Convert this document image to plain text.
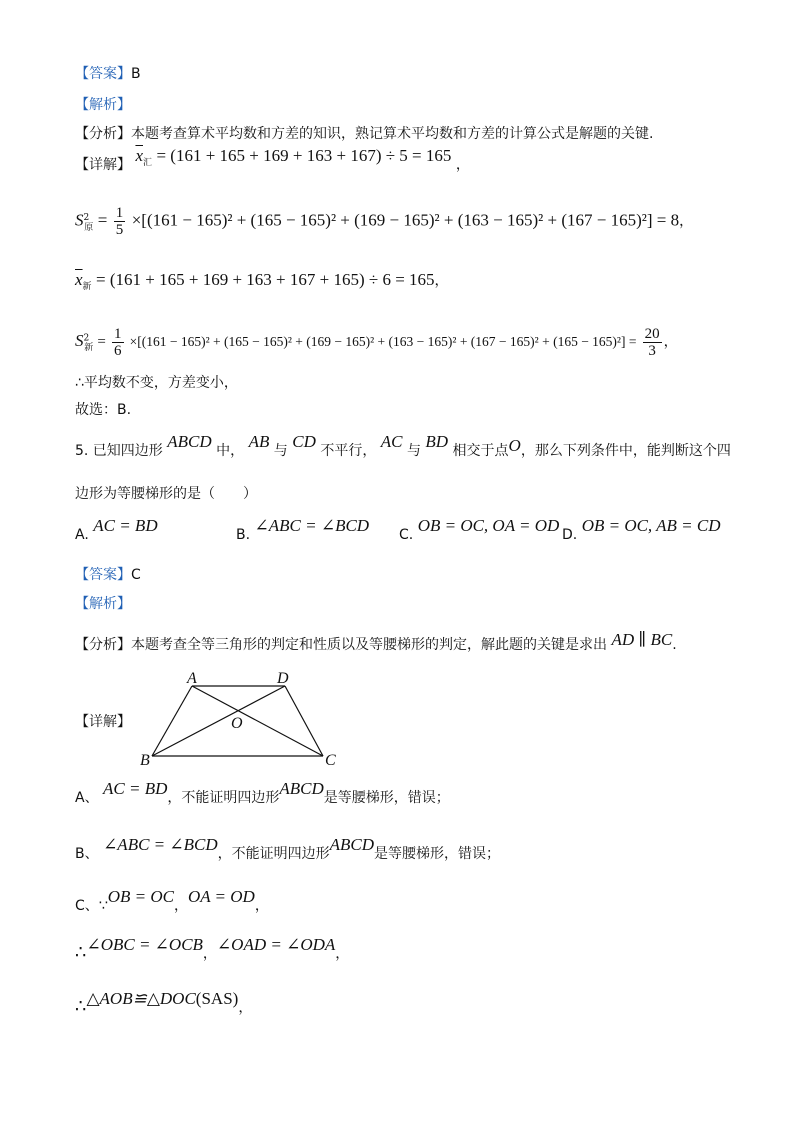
【答案】B
【解析】
【分析】本题考查算术平均数和方差的知识，熟记算术平均数和方差的计算公式是解题的关键.
【详解】 $\overline{x}_汇 = (161 + 165 + 169 + 163 + 167) \div 5 = 165$ ，
$S^2_原 = \frac{1}{5} \times[(161 - 165)^2 + (165 - 165)^2 + (169 - 165)^2 + (163 - 165)^2 + (167 - 165)^2] = 8$，
$\overline{x}_新 = (161 + 165 + 169 + 163 + 167 + 165) \div 6 = 165$，
$S^2_新 = \frac{1}{6} \times[(161 - 165)^2 + (165 - 165)^2 + (169 - 165)^2 + (163 - 165)^2 + (167 - 165)^2 + (165 - 165)^2] = \frac{20}{3}$ ，
∴平均数不变，方差变小，
故选：B.
5. 已知四边形 ABCD 中， AB 与 CD 不平行， AC 与 BD 相交于点O，那么下列条件中，能判断这个四
边形为等腰梯形的是（　　）
A. AC = BD	B. ∠ABC = ∠BCD C. OB = OC, OA = OD D. OB = OC, AB = CD
【答案】C
【解析】
【分析】本题考查全等三角形的判定和性质以及等腰梯形的判定，解此题的关键是求出 AD ∥ BC.
【详解】
A	D
O
B	C
A、 AC = BD，不能证明四边形ABCD是等腰梯形，错误；
B、 ∠ABC = ∠BCD，不能证明四边形ABCD是等腰梯形，错误；
C、∵OB = OC，OA = OD，
∴∠OBC = ∠OCB，∠OAD = ∠ODA，
∴△AOB≌△DOC(SAS)，
